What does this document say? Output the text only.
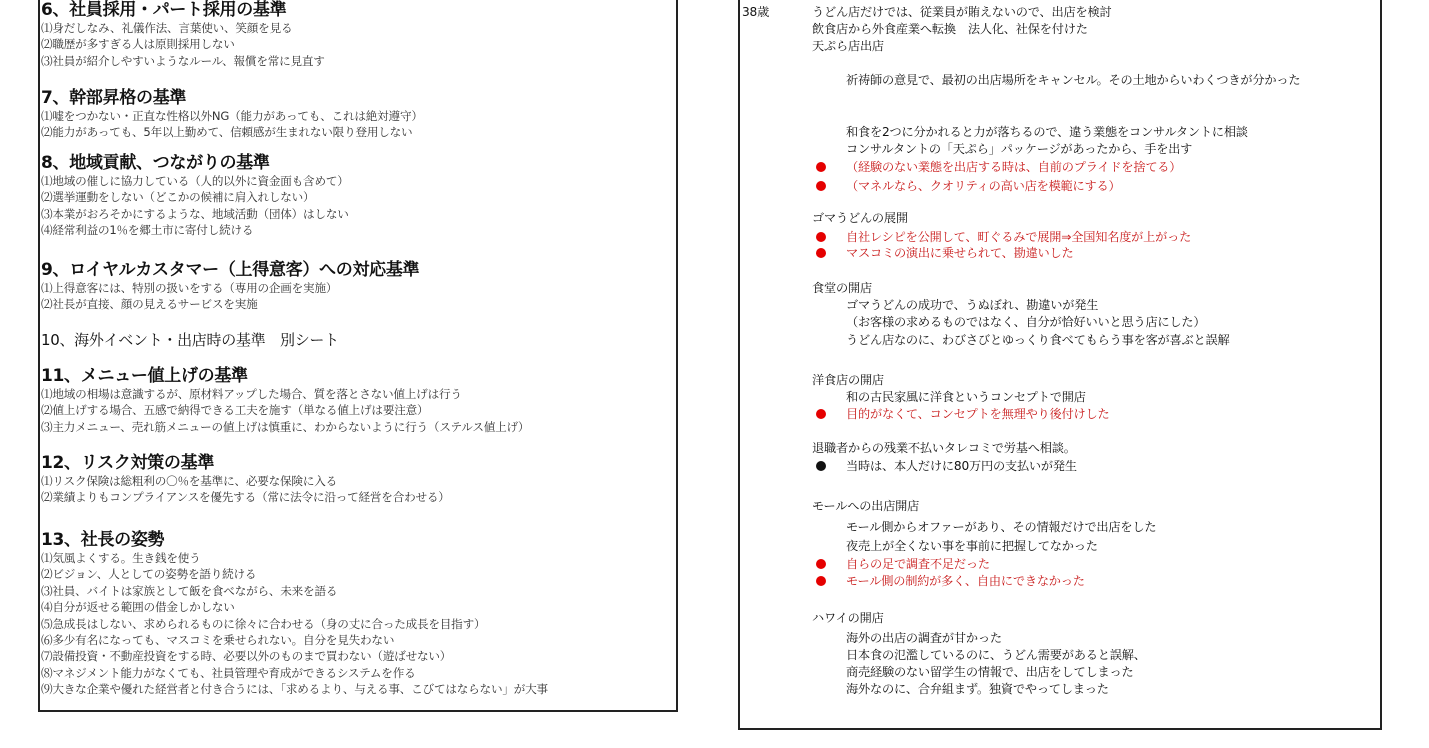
6、社員採用・パート採用の基準
⑴身だしなみ、礼儀作法、言葉使い、笑顔を見る
⑵職歴が多すぎる人は原則採用しない
⑶社員が紹介しやすいようなルール、報償を常に見直す
7、幹部昇格の基準
⑴嘘をつかない・正直な性格以外NG（能力があっても、これは絶対遵守）
⑵能力があっても、5年以上勤めて、信頼感が生まれない限り登用しない
8、地域貢献、つながりの基準
⑴地域の催しに協力している（人的以外に資金面も含めて）
⑵選挙運動をしない（どこかの候補に肩入れしない）
⑶本業がおろそかにするような、地域活動（団体）はしない
⑷経常利益の1％を郷土市に寄付し続ける
9、ロイヤルカスタマー（上得意客）への対応基準
⑴上得意客には、特別の扱いをする（専用の企画を実施）
⑵社長が直接、顔の見えるサービスを実施
10、海外イベント・出店時の基準　別シート
11、メニュー値上げの基準
⑴地域の相場は意識するが、原材料アップした場合、質を落とさない値上げは行う
⑵値上げする場合、五感で納得できる工夫を施す（単なる値上げは要注意）
⑶主力メニュー、売れ筋メニューの値上げは慎重に、わからないように行う（ステルス値上げ）
12、リスク対策の基準
⑴リスク保険は総粗利の〇％を基準に、必要な保険に入る
⑵業績よりもコンプライアンスを優先する（常に法令に沿って経営を合わせる）
13、社長の姿勢
⑴気風よくする。生き銭を使う
⑵ビジョン、人としての姿勢を語り続ける
⑶社員、バイトは家族として飯を食べながら、未来を語る
⑷自分が返せる範囲の借金しかしない
⑸急成長はしない、求められるものに徐々に合わせる（身の丈に合った成長を目指す）
⑹多少有名になっても、マスコミを乗せられない。自分を見失わない
⑺設備投資・不動産投資をする時、必要以外のものまで買わない（遊ばせない）
⑻マネジメント能力がなくても、社員管理や育成ができるシステムを作る
⑼大きな企業や優れた経営者と付き合うには、「求めるより、与える事、こびてはならない」が大事
38歳	うどん店だけでは、従業員が賄えないので、出店を検討
飲食店から外食産業へ転換　法人化、社保を付けた
天ぷら店出店
祈祷師の意見で、最初の出店場所をキャンセル。その土地からいわくつきが分かった
和食を2つに分かれると力が落ちるので、違う業態をコンサルタントに相談
コンサルタントの「天ぷら」パッケージがあったから、手を出す
（経験のない業態を出店する時は、自前のプライドを捨てる）
（マネルなら、クオリティの高い店を模範にする）
ゴマうどんの展開
自社レシピを公開して、町ぐるみで展開⇒全国知名度が上がった
マスコミの演出に乗せられて、勘違いした
食堂の開店
ゴマうどんの成功で、うぬぼれ、勘違いが発生
（お客様の求めるものではなく、自分が恰好いいと思う店にした）
うどん店なのに、わびさびとゆっくり食べてもらう事を客が喜ぶと誤解
洋食店の開店
和の古民家風に洋食というコンセプトで開店
目的がなくて、コンセプトを無理やり後付けした
退職者からの残業不払いタレコミで労基へ相談。
当時は、本人だけに80万円の支払いが発生
モールへの出店開店
モール側からオファーがあり、その情報だけで出店をした
夜売上が全くない事を事前に把握してなかった
自らの足で調査不足だった
モール側の制約が多く、自由にできなかった
ハワイの開店
海外の出店の調査が甘かった
日本食の氾濫しているのに、うどん需要があると誤解、
商売経験のない留学生の情報で、出店をしてしまった
海外なのに、合弁組まず。独資でやってしまった
